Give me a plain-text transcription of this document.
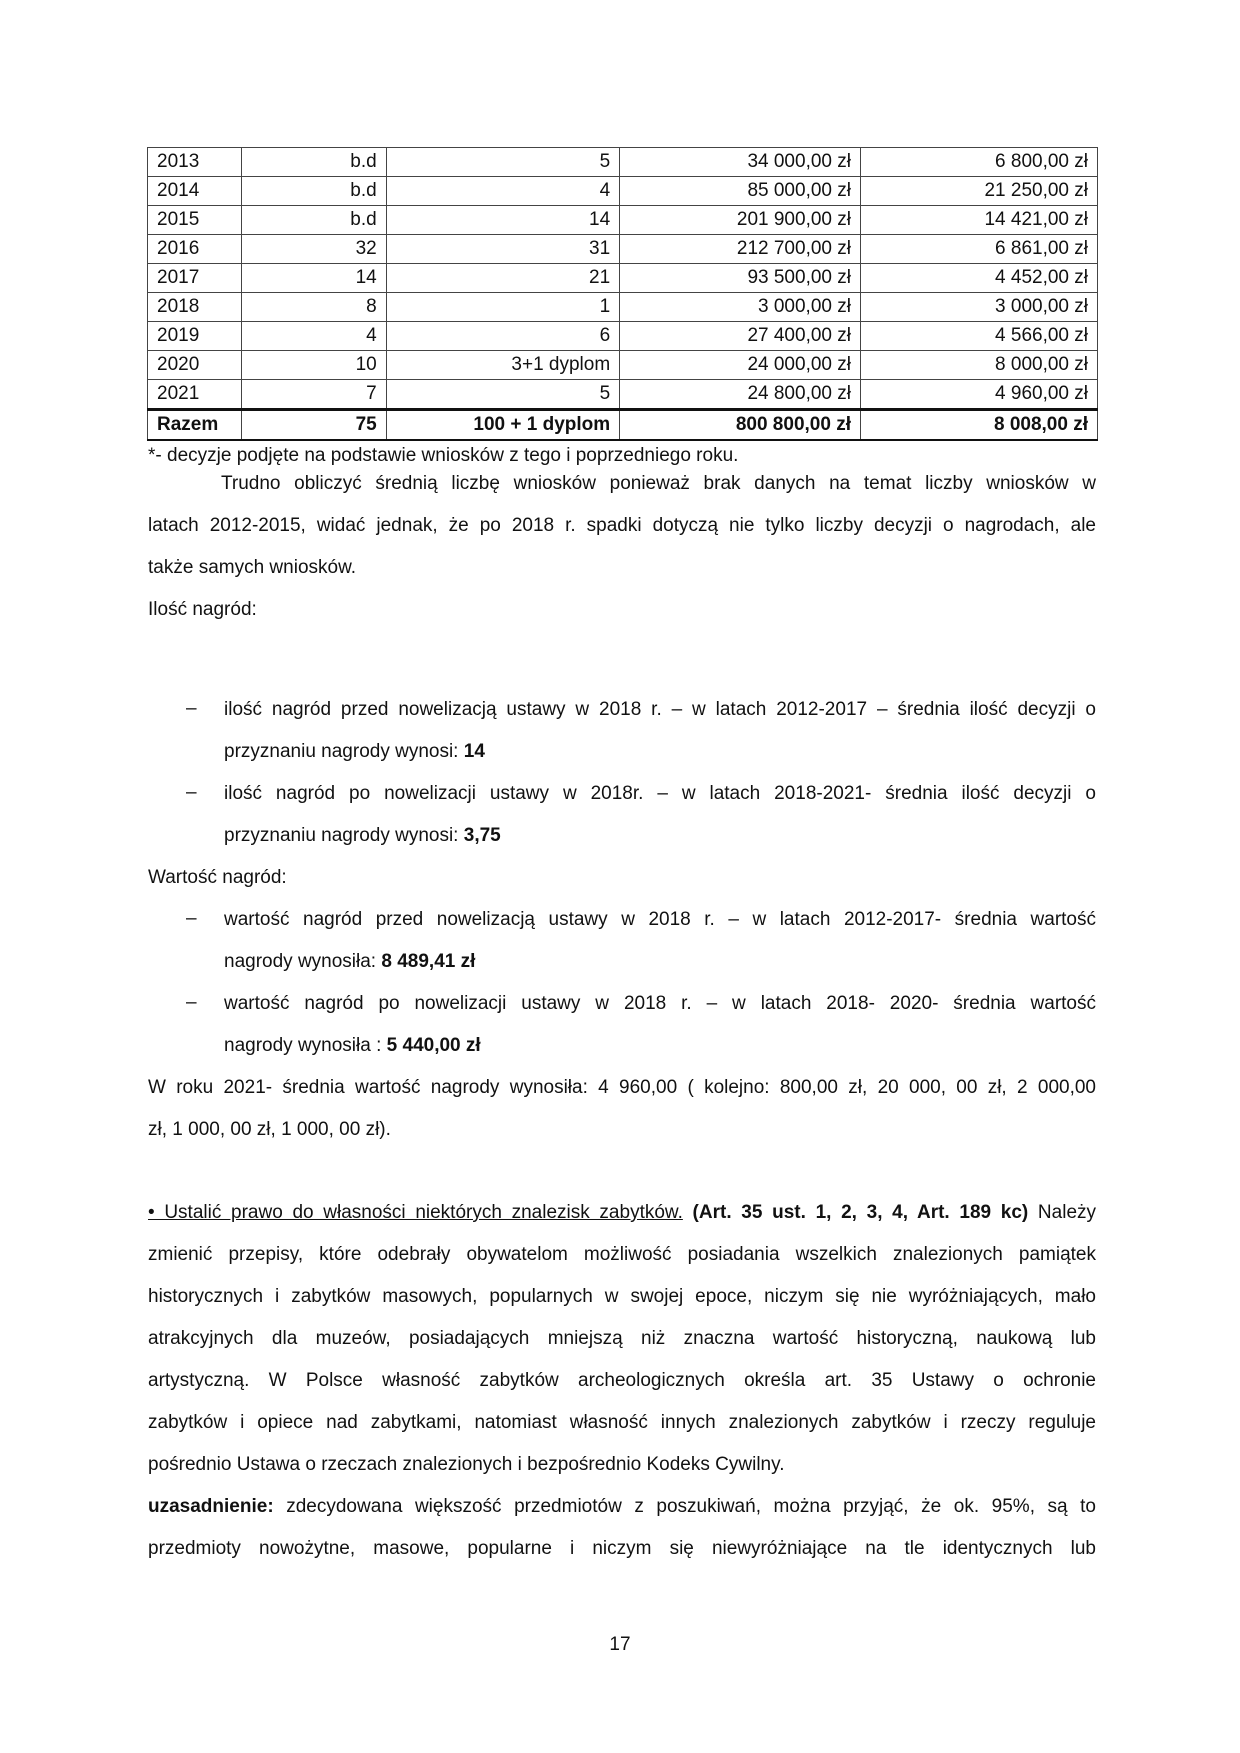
2013	b.d	5	34 000,00 zł	6 800,00 zł
2014	b.d	4	85 000,00 zł	21 250,00 zł
2015	b.d	14	201 900,00 zł	14 421,00 zł
2016	32	31	212 700,00 zł	6 861,00 zł
2017	14	21	93 500,00 zł	4 452,00 zł
2018	8	1	3 000,00 zł	3 000,00 zł
2019	4	6	27 400,00 zł	4 566,00 zł
2020	10	3+1 dyplom	24 000,00 zł	8 000,00 zł
2021	7	5	24 800,00 zł	4 960,00 zł
Razem	75	100 + 1 dyplom	800 800,00 zł	8 008,00 zł
*- decyzje podjęte na podstawie wniosków z tego i poprzedniego roku.
Trudno obliczyć średnią liczbę wniosków ponieważ brak danych na temat liczby wniosków w
latach 2012-2015, widać jednak, że po 2018 r. spadki dotyczą nie tylko liczby decyzji o nagrodach, ale
także samych wniosków.
Ilość nagród:
– ilość nagród przed nowelizacją ustawy w 2018 r. – w latach 2012-2017 – średnia ilość decyzji o
przyznaniu nagrody wynosi: 14
– ilość nagród po nowelizacji ustawy w 2018r. – w latach 2018-2021- średnia ilość decyzji o
przyznaniu nagrody wynosi: 3,75
Wartość nagród:
– wartość nagród przed nowelizacją ustawy w 2018 r. – w latach 2012-2017- średnia wartość
nagrody wynosiła: 8 489,41 zł
– wartość nagród po nowelizacji ustawy w 2018 r. – w latach 2018- 2020- średnia wartość
nagrody wynosiła : 5 440,00 zł
W roku 2021- średnia wartość nagrody wynosiła: 4 960,00 ( kolejno: 800,00 zł, 20 000, 00 zł, 2 000,00
zł, 1 000, 00 zł, 1 000, 00 zł).
• Ustalić prawo do własności niektórych znalezisk zabytków. (Art. 35 ust. 1, 2, 3, 4, Art. 189 kc) Należy
zmienić przepisy, które odebrały obywatelom możliwość posiadania wszelkich znalezionych pamiątek
historycznych i zabytków masowych, popularnych w swojej epoce, niczym się nie wyróżniających, mało
atrakcyjnych dla muzeów, posiadających mniejszą niż znaczna wartość historyczną, naukową lub
artystyczną. W Polsce własność zabytków archeologicznych określa art. 35 Ustawy o ochronie
zabytków i opiece nad zabytkami, natomiast własność innych znalezionych zabytków i rzeczy reguluje
pośrednio Ustawa o rzeczach znalezionych i bezpośrednio Kodeks Cywilny.
uzasadnienie: zdecydowana większość przedmiotów z poszukiwań, można przyjąć, że ok. 95%, są to
przedmioty nowożytne, masowe, popularne i niczym się niewyróżniające na tle identycznych lub
17
